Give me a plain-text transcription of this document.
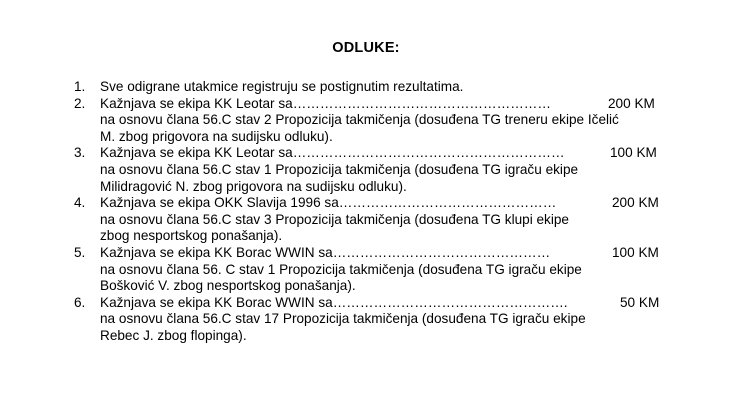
ODLUKE:
1. Sve odigrane utakmice registruju se postignutim rezultatima.
2. Kažnjava se ekipa KK Leotar sa…………………………………………………	200 KM
na osnovu člana 56.C stav 2 Propozicija takmičenja (dosuđena TG treneru ekipe Ičelić
M. zbog prigovora na sudijsku odluku).
3. Kažnjava se ekipa KK Leotar sa……………………………………………………	100 KM
na osnovu člana 56.C stav 1 Propozicija takmičenja (dosuđena TG igraču ekipe
Milidragović N. zbog prigovora na sudijsku odluku).
4. Kažnjava se ekipa OKK Slavija 1996 sa…………………………………………	200 KM
na osnovu člana 56.C stav 3 Propozicija takmičenja (dosuđena TG klupi ekipe
zbog nesportskog ponašanja).
5. Kažnjava se ekipa KK Borac WWIN sa…………………………………………	100 KM
na osnovu člana 56. C stav 1 Propozicija takmičenja (dosuđena TG igraču ekipe
Bošković V. zbog nesportskog ponašanja).
6. Kažnjava se ekipa KK Borac WWIN sa…………………………………………….	50 KM
na osnovu člana 56.C stav 17 Propozicija takmičenja (dosuđena TG igraču ekipe
Rebec J. zbog flopinga).
